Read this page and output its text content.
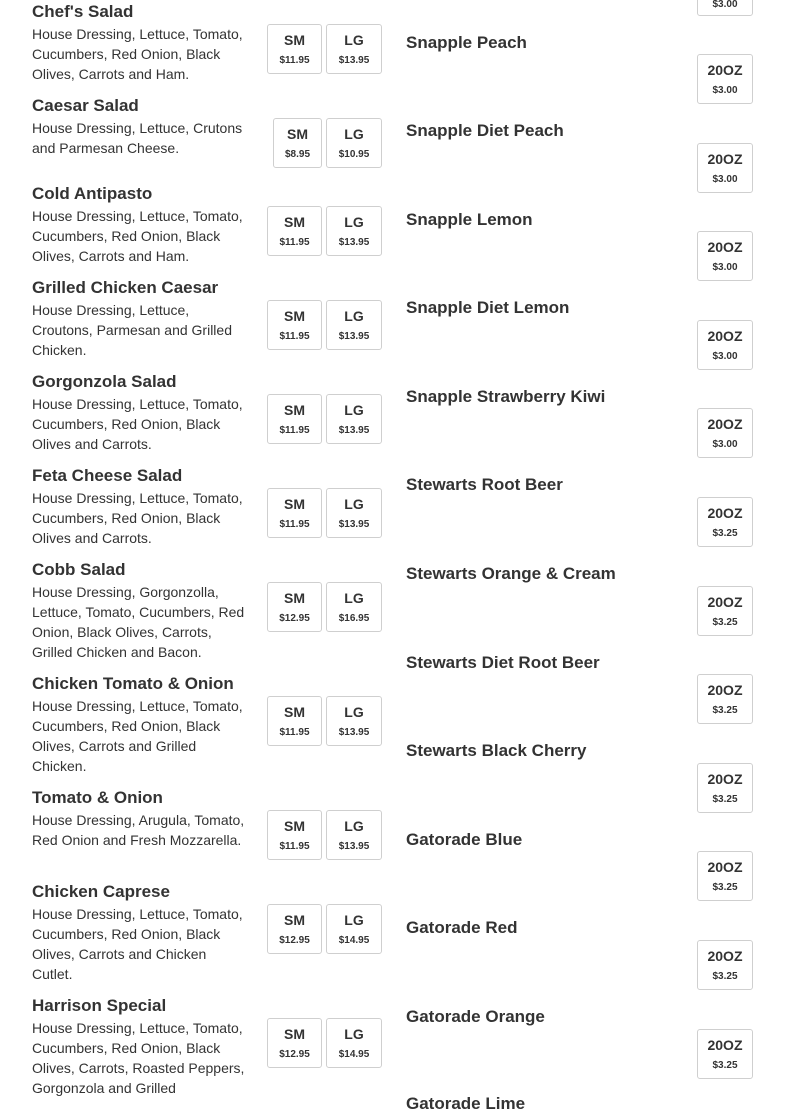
Chef's Salad
House Dressing, Lettuce, Tomato, Cucumbers, Red Onion, Black Olives, Carrots and Ham.
SM
$11.95
LG
$13.95
Caesar Salad
House Dressing, Lettuce, Crutons and Parmesan Cheese.
SM
$8.95
LG
$10.95
Cold Antipasto
House Dressing, Lettuce, Tomato, Cucumbers, Red Onion, Black Olives, Carrots and Ham.
SM
$11.95
LG
$13.95
Grilled Chicken Caesar
House Dressing, Lettuce, Croutons, Parmesan and Grilled Chicken.
SM
$11.95
LG
$13.95
Gorgonzola Salad
House Dressing, Lettuce, Tomato, Cucumbers, Red Onion, Black Olives and Carrots.
SM
$11.95
LG
$13.95
Feta Cheese Salad
House Dressing, Lettuce, Tomato, Cucumbers, Red Onion, Black Olives and Carrots.
SM
$11.95
LG
$13.95
Cobb Salad
House Dressing, Gorgonzolla, Lettuce, Tomato, Cucumbers, Red Onion, Black Olives, Carrots, Grilled Chicken and Bacon.
SM
$12.95
LG
$16.95
Chicken Tomato & Onion
House Dressing, Lettuce, Tomato, Cucumbers, Red Onion, Black Olives, Carrots and Grilled Chicken.
SM
$11.95
LG
$13.95
Tomato & Onion
House Dressing, Arugula, Tomato, Red Onion and Fresh Mozzarella.
SM
$11.95
LG
$13.95
Chicken Caprese
House Dressing, Lettuce, Tomato, Cucumbers, Red Onion, Black Olives, Carrots and Chicken Cutlet.
SM
$12.95
LG
$14.95
Harrison Special
House Dressing, Lettuce, Tomato, Cucumbers, Red Onion, Black Olives, Carrots, Roasted Peppers, Gorgonzola and Grilled
SM
$12.95
LG
$14.95
$3.00
Snapple Peach
20OZ
$3.00
Snapple Diet Peach
20OZ
$3.00
Snapple Lemon
20OZ
$3.00
Snapple Diet Lemon
20OZ
$3.00
Snapple Strawberry Kiwi
20OZ
$3.00
Stewarts Root Beer
20OZ
$3.25
Stewarts Orange & Cream
20OZ
$3.25
Stewarts Diet Root Beer
20OZ
$3.25
Stewarts Black Cherry
20OZ
$3.25
Gatorade Blue
20OZ
$3.25
Gatorade Red
20OZ
$3.25
Gatorade Orange
20OZ
$3.25
Gatorade Lime
